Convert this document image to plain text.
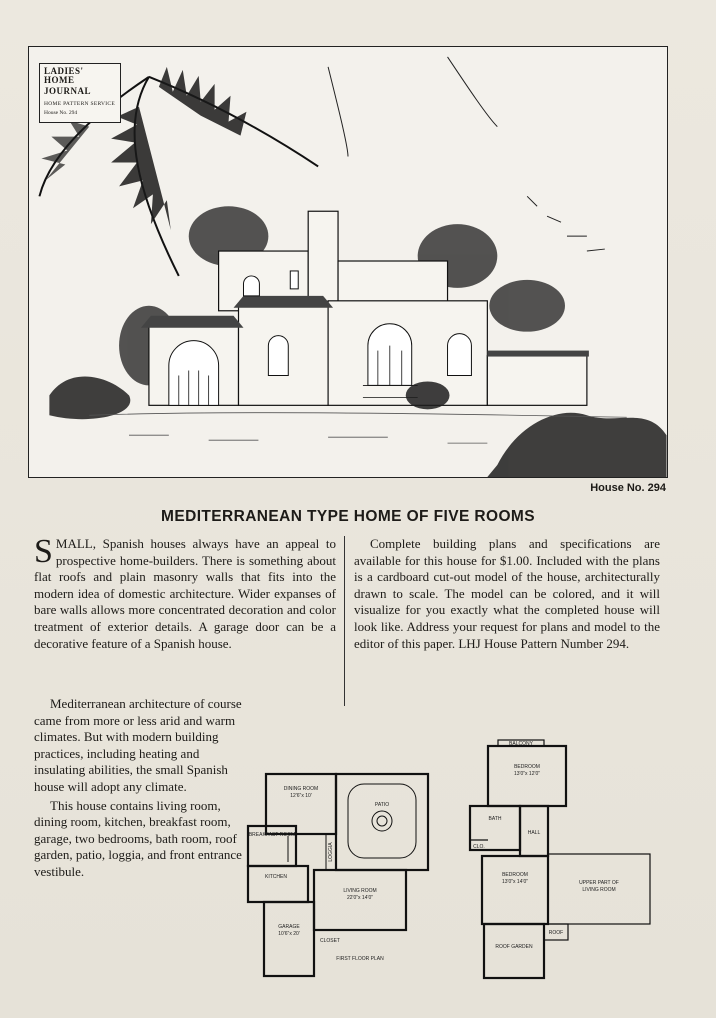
LADIES' HOME
JOURNAL
HOME PATTERN SERVICE
House No. 294
House No. 294
MEDITERRANEAN TYPE HOME OF FIVE ROOMS
S MALL, Spanish houses always have an appeal to prospective home-builders. There is something about flat roofs and plain masonry walls that fits into the modern idea of domestic architecture. Wider expanses of bare walls allows more concentrated decoration and color treatment of exterior details. A garage door can be a decorative feature of a Spanish house.

Complete building plans and specifications are available for this house for $1.00. Included with the plans is a cardboard cut-out model of the house, architecturally drawn to scale. The model can be colored, and it will visualize for you exactly what the completed house will look like. Address your request for plans and model to the editor of this paper. LHJ House Pattern Number 294.

Mediterranean architecture of course came from more or less arid and warm climates. But with modern building practices, including heating and insulating abilities, the small Spanish house will adopt any climate.

This house contains living room, dining room, kitchen, breakfast room, garage, two bedrooms, bath room, roof garden, patio, loggia, and front entrance vestibule.

DINING ROOM
12'6"x 10'
PATIO
BREAKFAST ROOM
KITCHEN
LOGGIA
LIVING ROOM
22'0"x 14'0"
GARAGE
10'6"x 20'
CLOSET
FIRST FLOOR PLAN
BALCONY
BEDROOM
13'0"x 12'0"
BATH
HALL
CLO.
BEDROOM
13'0"x 14'0"	UPPER PART OF
LIVING ROOM
ROOF
ROOF GARDEN
